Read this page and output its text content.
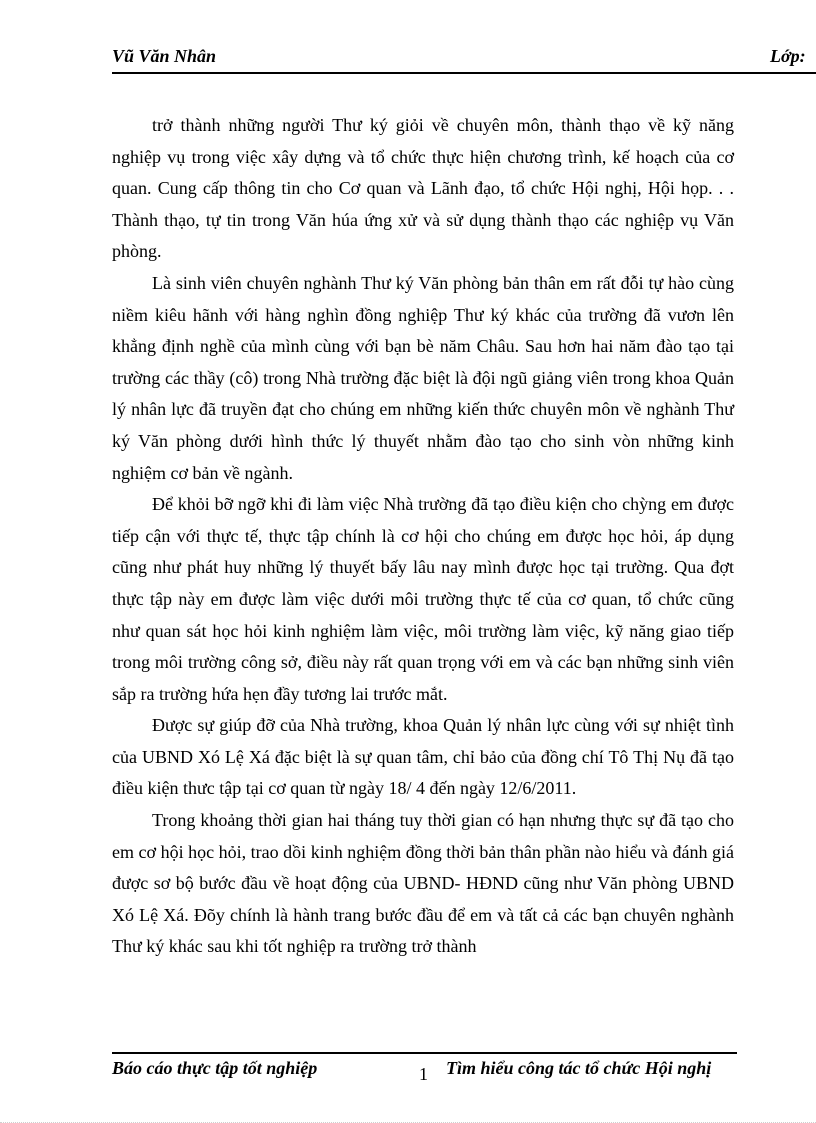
Vũ Văn Nhân	Lớp:

trở thành những người Thư ký giỏi về chuyên môn, thành thạo về kỹ năng nghiệp vụ trong việc xây dựng và tổ chức thực hiện chương trình, kế hoạch của cơ quan. Cung cấp thông tin cho Cơ quan và Lãnh đạo, tổ chức Hội nghị, Hội họp. . . Thành thạo, tự tin trong Văn húa ứng xử và sử dụng thành thạo các nghiệp vụ Văn phòng.

Là sinh viên chuyên nghành Thư ký Văn phòng bản thân em rất đỗi tự hào cùng niềm kiêu hãnh với hàng nghìn đồng nghiệp Thư ký khác của trường đã vươn lên khẳng định nghề của mình cùng với bạn bè năm Châu. Sau hơn hai năm đào tạo tại trường các thầy (cô) trong Nhà trường đặc biệt là đội ngũ giảng viên trong khoa Quản lý nhân lực đã truyền đạt cho chúng em những kiến thức chuyên môn về nghành Thư ký Văn phòng dưới hình thức lý thuyết nhằm đào tạo cho sinh vòn những kinh nghiệm cơ bản về ngành.

Để khỏi bỡ ngỡ khi đi làm việc Nhà trường đã tạo điều kiện cho chỳng em được tiếp cận với thực tế, thực tập chính là cơ hội cho chúng em được học hỏi, áp dụng cũng như phát huy những lý thuyết bấy lâu nay mình được học tại trường. Qua đợt thực tập này em được làm việc dưới môi trường thực tế của cơ quan, tổ chức cũng như quan sát học hỏi kinh nghiệm làm việc, môi trường làm việc, kỹ năng giao tiếp trong môi trường công sở, điều này rất quan trọng với em và các bạn những sinh viên sắp ra trường hứa hẹn đầy tương lai trước mắt.

Được sự giúp đỡ của Nhà trường, khoa Quản lý nhân lực cùng với sự nhiệt tình của UBND Xó Lệ Xá đặc biệt là sự quan tâm, chỉ bảo của đồng chí Tô Thị Nụ đã tạo điều kiện thưc tập tại cơ quan từ ngày 18/ 4 đến ngày 12/6/2011.

Trong khoảng thời gian hai tháng tuy thời gian có hạn nhưng thực sự đã tạo cho em cơ hội học hỏi, trao dồi kinh nghiệm đồng thời bản thân phần nào hiểu và đánh giá được sơ bộ bước đầu về hoạt động của UBND- HĐND cũng như Văn phòng UBND Xó Lệ Xá. Đõy chính là hành trang bước đầu để em và tất cả các bạn chuyên nghành Thư ký khác sau khi tốt nghiệp ra trường trở thành

Báo cáo thực tập tốt nghiệp	1 Tìm hiểu công tác tổ chức Hội nghị
